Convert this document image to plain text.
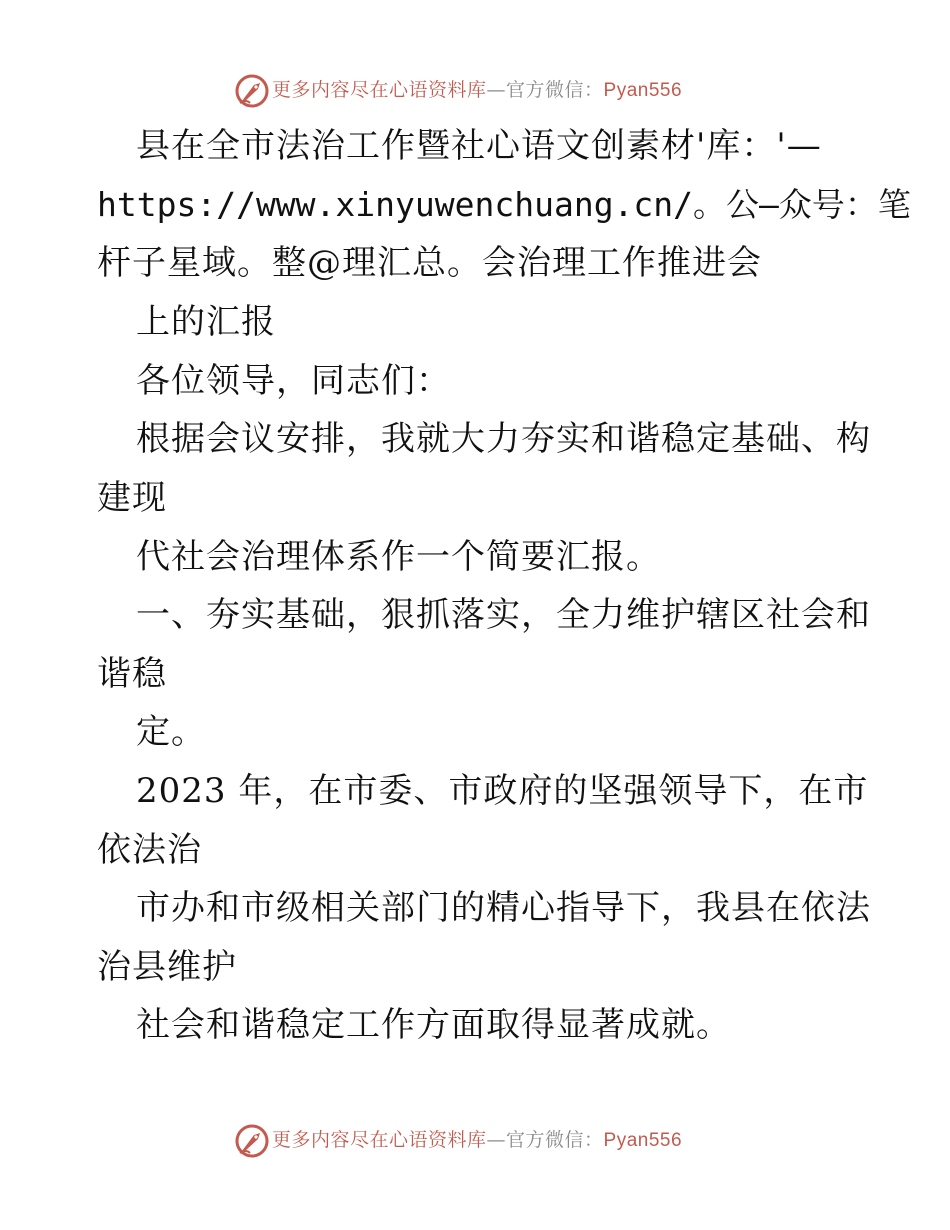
更多内容尽在心语资料库—官方微信：Pyan556
县在全市法治工作暨社心语文创素材'库：'—
https://www.xinyuwenchuang.cn/。公—众号：笔
杆子星域。整@理汇总。会治理工作推进会
上的汇报
各位领导，同志们：
根据会议安排，我就大力夯实和谐稳定基础、构
建现
代社会治理体系作一个简要汇报。
一、夯实基础，狠抓落实，全力维护辖区社会和
谐稳
定。
2023 年，在市委、市政府的坚强领导下，在市
依法治
市办和市级相关部门的精心指导下，我县在依法
治县维护
社会和谐稳定工作方面取得显著成就。
更多内容尽在心语资料库—官方微信：Pyan556
